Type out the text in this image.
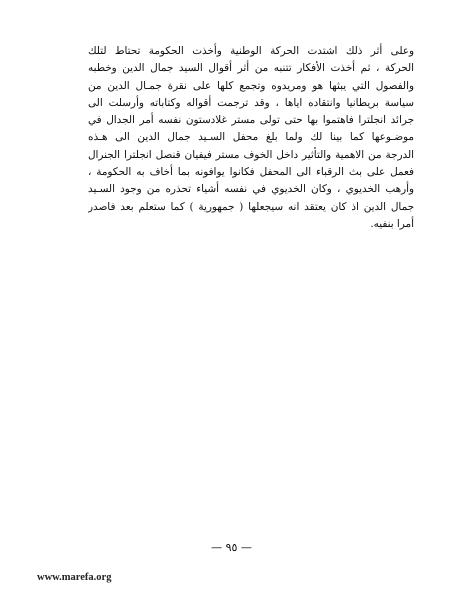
وعلى أثر ذلك اشتدت الحركة الوطنية وأخذت الحكومة تحتاط لتلك
الحركة ، ثم أخذت الأفكار تتنبه من أثر أقوال السيد جمال الدين وخطبه
والفصول التي يبثها هو ومريدوه وتجمع كلها على نقرة جمـال الدين من
سياسة بريطانيا وانتقاده اياها ، وقد ترجمت أقواله وكتاباته وأرسلت الى
جرائد انجلترا فاهتموا بها حتى تولى مستر غلادستون نفسه أمر الجدال في
موضـوعها كما بينا لك ولما بلغ محفل السـيد جمال الدين الى هـذه
الدرجة من الاهمية والتأثير داخل الخوف مستر فيفيان قنصل انجلترا الجنرال
فعمل على بث الرقباء الى المحفل فكانوا يوافونه بما أخاف به الحكومة ،
وأرهب الخديوي ، وكان الخديوي في نفسه أشياء تحذره من وجود السـيد
جمال الدين اذ كان يعتقد انه سيجعلها ( جمهورية ) كما ستعلم بعد فاصدر
أمرا بنفيه.
— ٩٥ —
www.marefa.org
